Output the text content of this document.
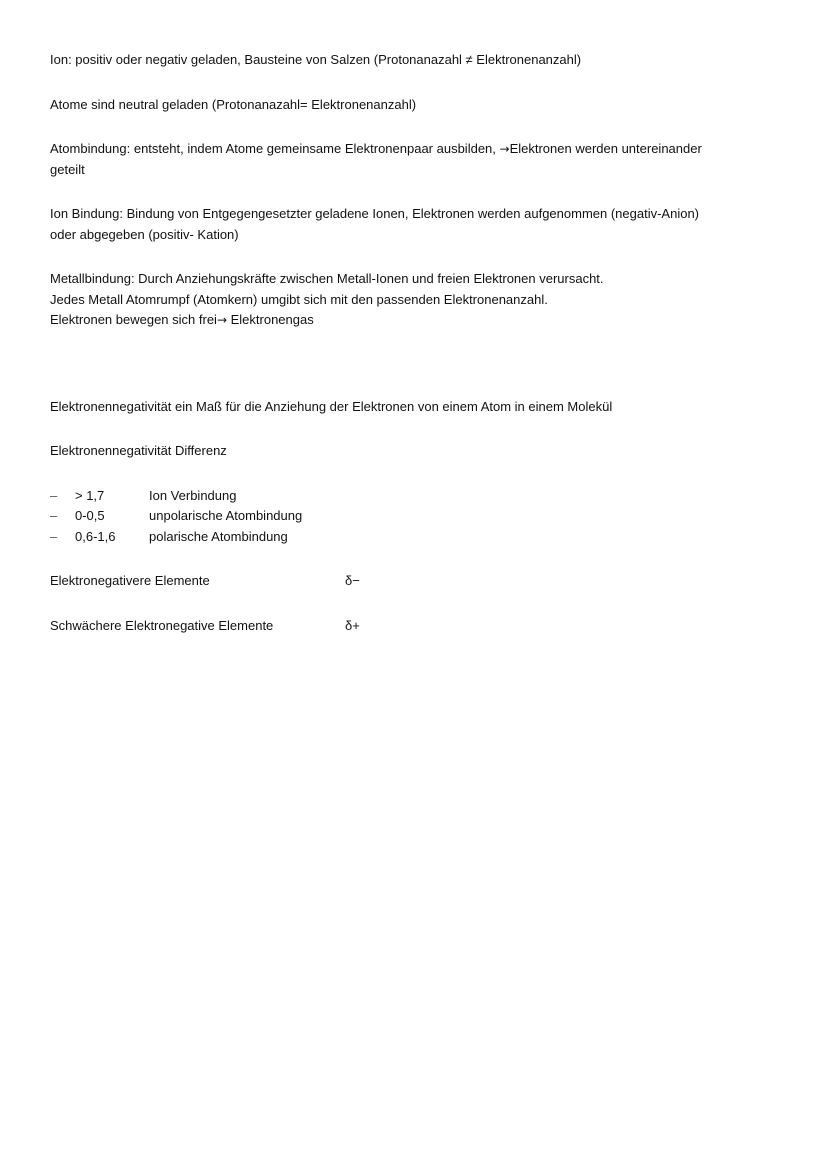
Ion: positiv oder negativ geladen, Bausteine von Salzen (Protonanazahl ≠ Elektronenanzahl)

Atome sind neutral geladen (Protonanazahl= Elektronenanzahl)

Atombindung: entsteht, indem Atome gemeinsame Elektronenpaar ausbilden, →Elektronen werden untereinander

geteilt

Ion Bindung: Bindung von Entgegengesetzter geladene Ionen, Elektronen werden aufgenommen (negativ-Anion)

oder abgegeben (positiv- Kation)

Metallbindung: Durch Anziehungskräfte zwischen Metall-Ionen und freien Elektronen verursacht.

Jedes Metall Atomrumpf (Atomkern) umgibt sich mit den passenden Elektronenanzahl.

Elektronen bewegen sich frei→ Elektronengas

Elektronennegativität ein Maß für die Anziehung der Elektronen von einem Atom in einem Molekül

Elektronennegativität Differenz

–	> 1,7	Ion Verbindung
–	0-0,5	unpolarische Atombindung
–	0,6-1,6	polarische Atombindung
Elektronegativere Elemente	δ−
Schwächere Elektronegative Elemente	δ+
